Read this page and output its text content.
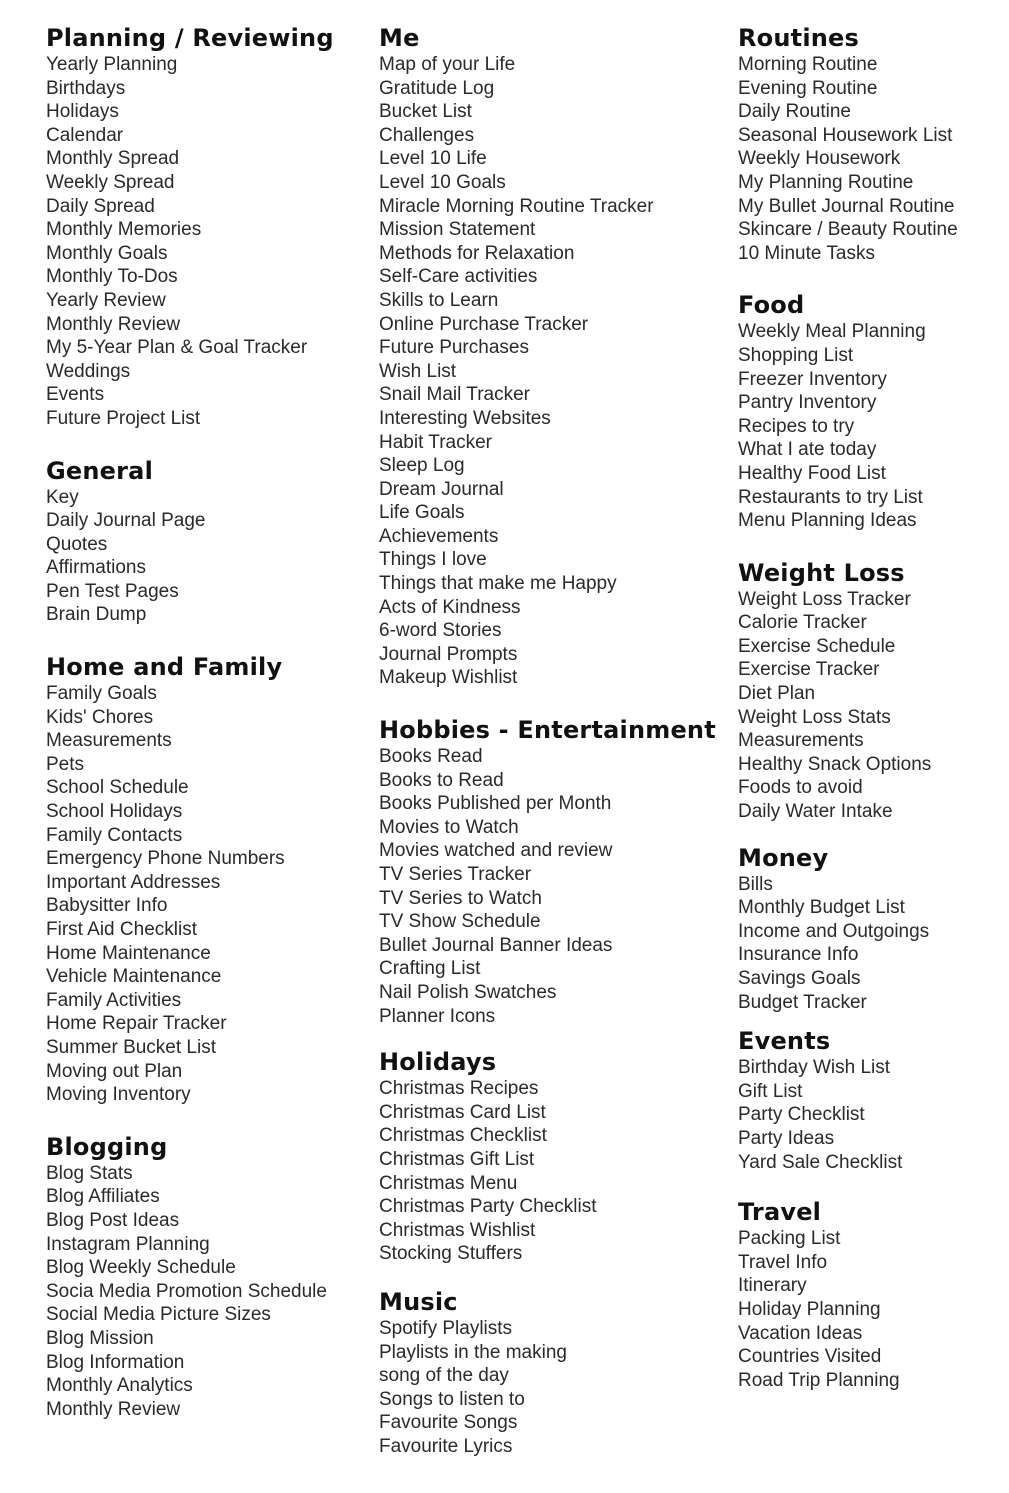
Planning / Reviewing
Yearly Planning
Birthdays
Holidays
Calendar
Monthly Spread
Weekly Spread
Daily Spread
Monthly Memories
Monthly Goals
Monthly To-Dos
Yearly Review
Monthly Review
My 5-Year Plan & Goal Tracker
Weddings
Events
Future Project List
General
Key
Daily Journal Page
Quotes
Affirmations
Pen Test Pages
Brain Dump
Home and Family
Family Goals
Kids' Chores
Measurements
Pets
School Schedule
School Holidays
Family Contacts
Emergency Phone Numbers
Important Addresses
Babysitter Info
First Aid Checklist
Home Maintenance
Vehicle Maintenance
Family Activities
Home Repair Tracker
Summer Bucket List
Moving out Plan
Moving Inventory
Blogging
Blog Stats
Blog Affiliates
Blog Post Ideas
Instagram Planning
Blog Weekly Schedule
Socia Media Promotion Schedule
Social Media Picture Sizes
Blog Mission
Blog Information
Monthly Analytics
Monthly Review
Me
Map of your Life
Gratitude Log
Bucket List
Challenges
Level 10 Life
Level 10 Goals
Miracle Morning Routine Tracker
Mission Statement
Methods for Relaxation
Self-Care activities
Skills to Learn
Online Purchase Tracker
Future Purchases
Wish List
Snail Mail Tracker
Interesting Websites
Habit Tracker
Sleep Log
Dream Journal
Life Goals
Achievements
Things I love
Things that make me Happy
Acts of Kindness
6-word Stories
Journal Prompts
Makeup Wishlist
Hobbies - Entertainment
Books Read
Books to Read
Books Published per Month
Movies to Watch
Movies watched and review
TV Series Tracker
TV Series to Watch
TV Show Schedule
Bullet Journal Banner Ideas
Crafting List
Nail Polish Swatches
Planner Icons
Holidays
Christmas Recipes
Christmas Card List
Christmas Checklist
Christmas Gift List
Christmas Menu
Christmas Party Checklist
Christmas Wishlist
Stocking Stuffers
Music
Spotify Playlists
Playlists in the making
song of the day
Songs to listen to
Favourite Songs
Favourite Lyrics
Routines
Morning Routine
Evening Routine
Daily Routine
Seasonal Housework List
Weekly Housework
My Planning Routine
My Bullet Journal Routine
Skincare / Beauty Routine
10 Minute Tasks
Food
Weekly Meal Planning
Shopping List
Freezer Inventory
Pantry Inventory
Recipes to try
What I ate today
Healthy Food List
Restaurants to try List
Menu Planning Ideas
Weight Loss
Weight Loss Tracker
Calorie Tracker
Exercise Schedule
Exercise Tracker
Diet Plan
Weight Loss Stats
Measurements
Healthy Snack Options
Foods to avoid
Daily Water Intake
Money
Bills
Monthly Budget List
Income and Outgoings
Insurance Info
Savings Goals
Budget Tracker
Events
Birthday Wish List
Gift List
Party Checklist
Party Ideas
Yard Sale Checklist
Travel
Packing List
Travel Info
Itinerary
Holiday Planning
Vacation Ideas
Countries Visited
Road Trip Planning
